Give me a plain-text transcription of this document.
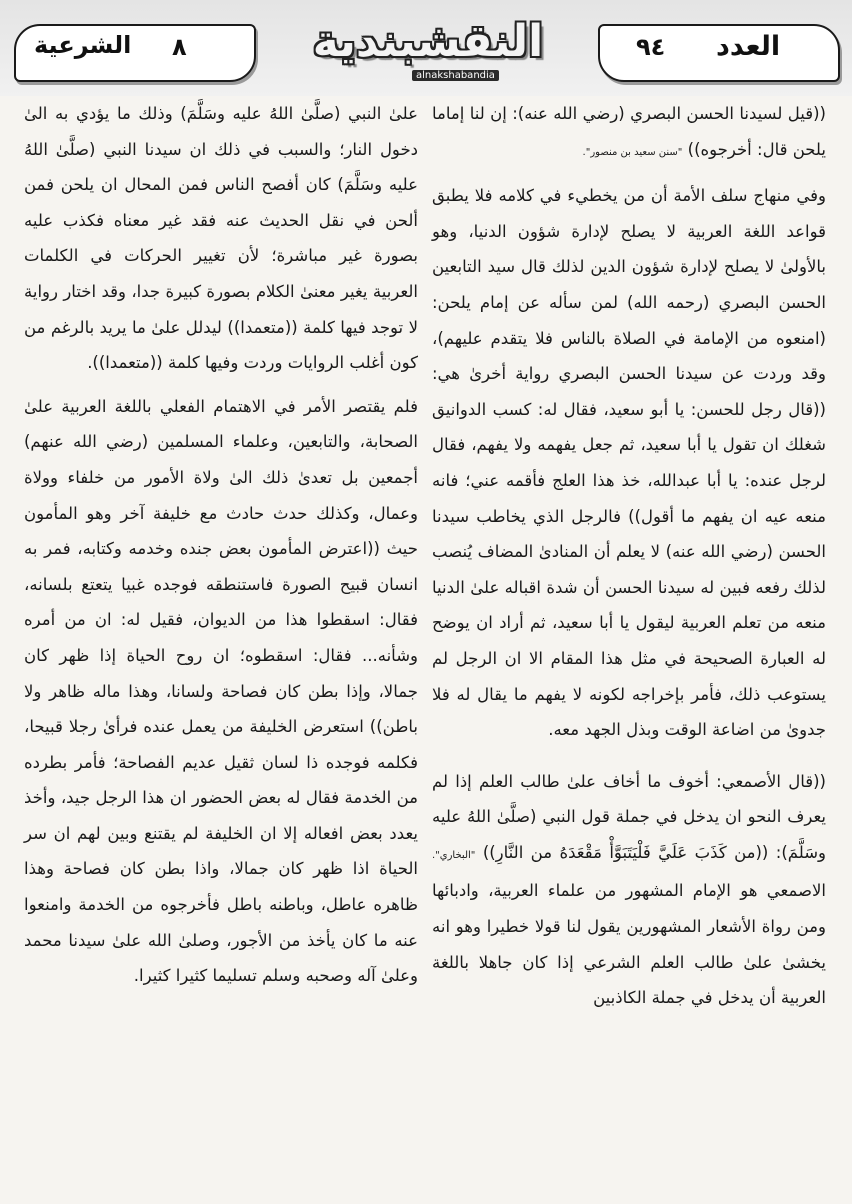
٨
الشرعية	٩٤ العدد
النقشبندية
alnakshabandia

((قيل لسيدنا الحسن البصري (رضي الله عنه): إن لنا إماما يلحن قال: أخرجوه)) "سنن سعيد بن منصور".

وفي منهاج سلف الأمة أن من يخطيء في كلامه فلا يطبق قواعد اللغة العربية لا يصلح لإدارة شؤون الدنيا، وهو بالأولىٰ لا يصلح لإدارة شؤون الدين لذلك قال سيد التابعين الحسن البصري (رحمه الله) لمن سأله عن إمام يلحن: (امنعوه من الإمامة في الصلاة بالناس فلا يتقدم عليهم)، وقد وردت عن سيدنا الحسن البصري رواية أخرىٰ هي: ((قال رجل للحسن: يا أبو سعيد، فقال له: كسب الدوانيق شغلك ان تقول يا أبا سعيد، ثم جعل يفهمه ولا يفهم، فقال لرجل عنده: يا أبا عبدالله، خذ هذا العلج فأقمه عني؛ فانه منعه عيه ان يفهم ما أقول)) فالرجل الذي يخاطب سيدنا الحسن (رضي الله عنه) لا يعلم أن المنادىٰ المضاف يُنصب لذلك رفعه فبين له سيدنا الحسن أن شدة اقباله علىٰ الدنيا منعه من تعلم العربية ليقول يا أبا سعيد، ثم أراد ان يوضح له العبارة الصحيحة في مثل هذا المقام الا ان الرجل لم يستوعب ذلك، فأمر بإخراجه لكونه لا يفهم ما يقال له فلا جدوىٰ من اضاعة الوقت وبذل الجهد معه.

((قال الأصمعي: أخوف ما أخاف علىٰ طالب العلم إذا لم يعرف النحو ان يدخل في جملة قول النبي (صلَّىٰ اللهُ عليه وسَلَّمَ): ((من كَذَبَ عَلَيَّ فَلْيَتَبَوَّأْ مَقْعَدَهُ من النَّارِ)) "البخاري". الاصمعي هو الإمام المشهور من علماء العربية، وادبائها ومن رواة الأشعار المشهورين يقول لنا قولا خطيرا وهو انه يخشىٰ علىٰ طالب العلم الشرعي إذا كان جاهلا باللغة العربية أن يدخل في جملة الكاذبين

علىٰ النبي (صلَّىٰ اللهُ عليه وسَلَّمَ) وذلك ما يؤدي به الىٰ دخول النار؛ والسبب في ذلك ان سيدنا النبي (صلَّىٰ اللهُ عليه وسَلَّمَ) كان أفصح الناس فمن المحال ان يلحن فمن ألحن في نقل الحديث عنه فقد غير معناه فكذب عليه بصورة غير مباشرة؛ لأن تغيير الحركات في الكلمات العربية يغير معنىٰ الكلام بصورة كبيرة جدا، وقد اختار رواية لا توجد فيها كلمة ((متعمدا)) ليدلل علىٰ ما يريد بالرغم من كون أغلب الروايات وردت وفيها كلمة ((متعمدا)).

فلم يقتصر الأمر في الاهتمام الفعلي باللغة العربية علىٰ الصحابة، والتابعين، وعلماء المسلمين (رضي الله عنهم) أجمعين بل تعدىٰ ذلك الىٰ ولاة الأمور من خلفاء وولاة وعمال، وكذلك حدث حادث مع خليفة آخر وهو المأمون حيث ((اعترض المأمون بعض جنده وخدمه وكتابه، فمر به انسان قبيح الصورة فاستنطقه فوجده غبيا يتعتع بلسانه، فقال: اسقطوا هذا من الديوان، فقيل له: ان من أمره وشأنه... فقال: اسقطوه؛ ان روح الحياة إذا ظهر كان جمالا، وإذا بطن كان فصاحة ولسانا، وهذا ماله ظاهر ولا باطن)) استعرض الخليفة من يعمل عنده فرأىٰ رجلا قبيحا، فكلمه فوجده ذا لسان ثقيل عديم الفصاحة؛ فأمر بطرده من الخدمة فقال له بعض الحضور ان هذا الرجل جيد، وأخذ يعدد بعض افعاله إلا ان الخليفة لم يقتنع وبين لهم ان سر الحياة اذا ظهر كان جمالا، واذا بطن كان فصاحة وهذا ظاهره عاطل، وباطنه باطل فأخرجوه من الخدمة وامنعوا عنه ما كان يأخذ من الأجور، وصلىٰ الله علىٰ سيدنا محمد وعلىٰ آله وصحبه وسلم تسليما كثيرا كثيرا.
